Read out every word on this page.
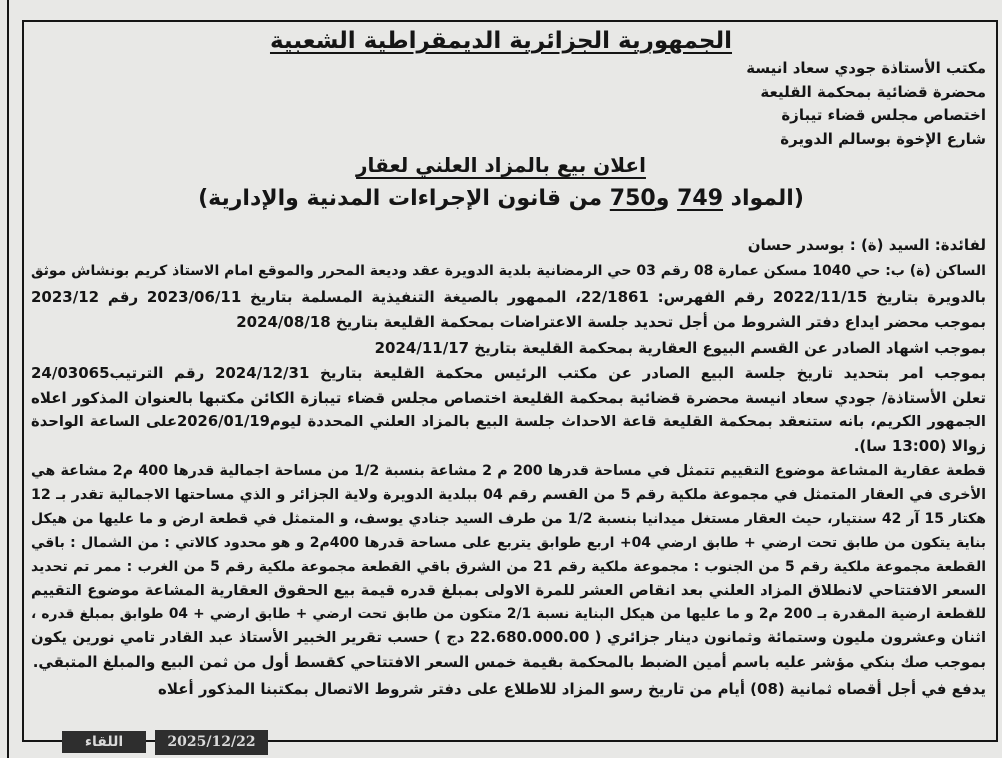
الجمهورية الجزائرية الديمقراطية الشعبية
مكتب الأستاذة جودي سعاد انيسة
محضرة قضائية بمحكمة القليعة
اختصاص مجلس قضاء تيبازة
شارع الإخوة بوسالم الدويرة
اعلان بيع بالمزاد العلني لعقار
(المواد 749 و750 من قانون الإجراءات المدنية والإدارية)
لفائدة: السيد (ة) : بوسدر حسان
الساكن (ة) ب: حي 1040 مسكن عمارة 08 رقم 03 حي الرمضانية بلدية الدويرة عقد وديعة المحرر والموقع امام الاستاذ كريم بونشاش موثق
بالدويرة بتاريخ 2022/11/15 رقم الفهرس: 22/1861، الممهور بالصيغة التنفيذية المسلمة بتاريخ 2023/06/11 رقم 2023/12
بموجب محضر ايداع دفتر الشروط من أجل تحديد جلسة الاعتراضات بمحكمة القليعة بتاريخ 2024/08/18
بموجب اشهاد الصادر عن القسم البيوع العقارية بمحكمة القليعة بتاريخ 2024/11/17
بموجب امر بتحديد تاريخ جلسة البيع الصادر عن مكتب الرئيس محكمة القليعة بتاريخ 2024/12/31 رقم الترتيب24/03065
تعلن الأستاذة/ جودي سعاد انيسة محضرة قضائية بمحكمة القليعة اختصاص مجلس قضاء تيبازة الكائن مكتبها بالعنوان المذكور اعلاه
الجمهور الكريم، بانه ستنعقد بمحكمة القليعة قاعة الاحداث جلسة البيع بالمزاد العلني المحددة ليوم2026/01/19على الساعة الواحدة
زوالا (13:00 سا).
قطعة عقارية المشاعة موضوع التقييم تتمثل في مساحة قدرها 200 م 2 مشاعة بنسبة 1/2 من مساحة اجمالية قدرها 400 م2 مشاعة هي
الأخرى في العقار المتمثل في مجموعة ملكية رقم 5 من القسم رقم 04 ببلدية الدويرة ولاية الجزائر و الذي مساحتها الاجمالية تقدر بـ 12
هكتار 15 آر 42 سنتيار، حيث العقار مستغل ميدانيا بنسبة 1/2 من طرف السيد جنادي يوسف، و المتمثل في قطعة ارض و ما عليها من هيكل
بناية يتكون من طابق تحت ارضي + طابق ارضي 04+ اربع طوابق يتربع على مساحة قدرها 400م2 و هو محدود كالاتي : من الشمال : باقي
القطعة مجموعة ملكية رقم 5 من الجنوب : مجموعة ملكية رقم 21 من الشرق باقي القطعة مجموعة ملكية رقم 5 من الغرب : ممر تم تحديد
السعر الافتتاحي لانطلاق المزاد العلني بعد انقاص العشر للمرة الاولى بمبلغ قدره قيمة بيع الحقوق العقارية المشاعة موضوع التقييم
للقطعة ارضية المقدرة بـ 200 م2 و ما عليها من هيكل البناية نسبة 2/1 متكون من طابق تحت ارضي + طابق ارضي + 04 طوابق بمبلغ قدره ،
اثنان وعشرون مليون وستمائة وثمانون دينار جزائري ( 22.680.000.00 دج ) حسب تقرير الخبير الأستاذ عبد القادر تامي نورين يكون
بموجب صك بنكي مؤشر عليه باسم أمين الضبط بالمحكمة بقيمة خمس السعر الافتتاحي كقسط أول من ثمن البيع والمبلغ المتبقي.
يدفع في أجل أقصاه ثمانية (08) أيام من تاريخ رسو المزاد للاطلاع على دفتر شروط الاتصال بمكتبنا المذكور أعلاه
اللقاء	2025/12/22
